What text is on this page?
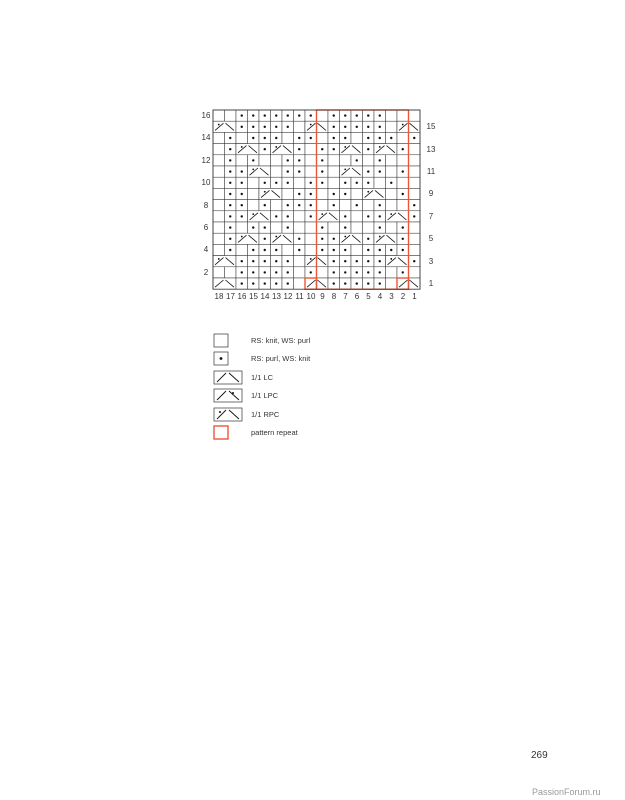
2
4
6
8
10
12
14
16
1
3
5
7
9
11
13
15
18 17 16 15 14 13 12 11 10 9 8 7 6 5 4 3 2 1
RS: knit, WS: purl
RS: purl, WS: knit
1/1 LC
1/1 LPC
1/1 RPC
pattern repeat
269
PassionForum.ru
